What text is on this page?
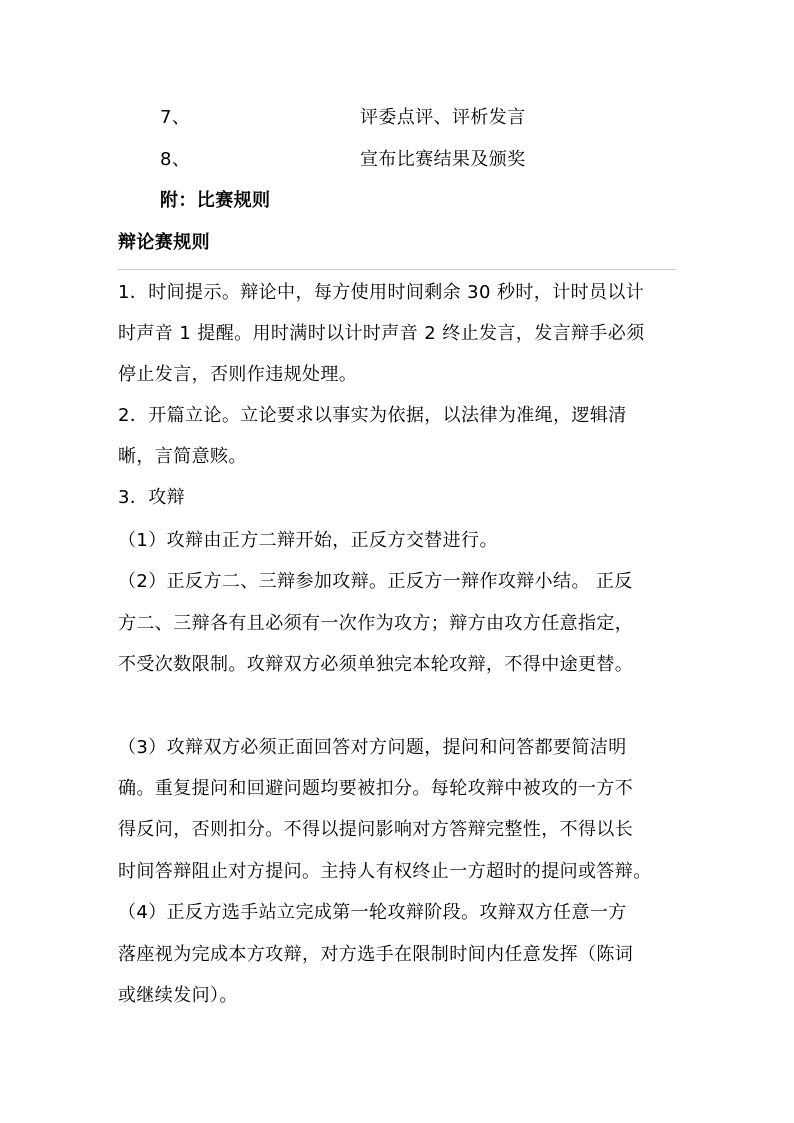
7、	评委点评、评析发言
8、	宣布比赛结果及颁奖
附：比赛规则
辩论赛规则
1．时间提示。辩论中，每方使用时间剩余 30 秒时，计时员以计
时声音 1 提醒。用时满时以计时声音 2 终止发言，发言辩手必须
停止发言，否则作违规处理。
2．开篇立论。立论要求以事实为依据，以法律为准绳，逻辑清
晰，言简意赅。
3．攻辩
（1）攻辩由正方二辩开始，正反方交替进行。
（2）正反方二、三辩参加攻辩。正反方一辩作攻辩小结。 正反
方二、三辩各有且必须有一次作为攻方；辩方由攻方任意指定，
不受次数限制。攻辩双方必须单独完本轮攻辩，不得中途更替。
（3）攻辩双方必须正面回答对方问题，提问和问答都要简洁明
确。重复提问和回避问题均要被扣分。每轮攻辩中被攻的一方不
得反问，否则扣分。不得以提问影响对方答辩完整性，不得以长
时间答辩阻止对方提问。主持人有权终止一方超时的提问或答辩。
（4）正反方选手站立完成第一轮攻辩阶段。攻辩双方任意一方
落座视为完成本方攻辩，对方选手在限制时间内任意发挥（陈词
或继续发问）。
